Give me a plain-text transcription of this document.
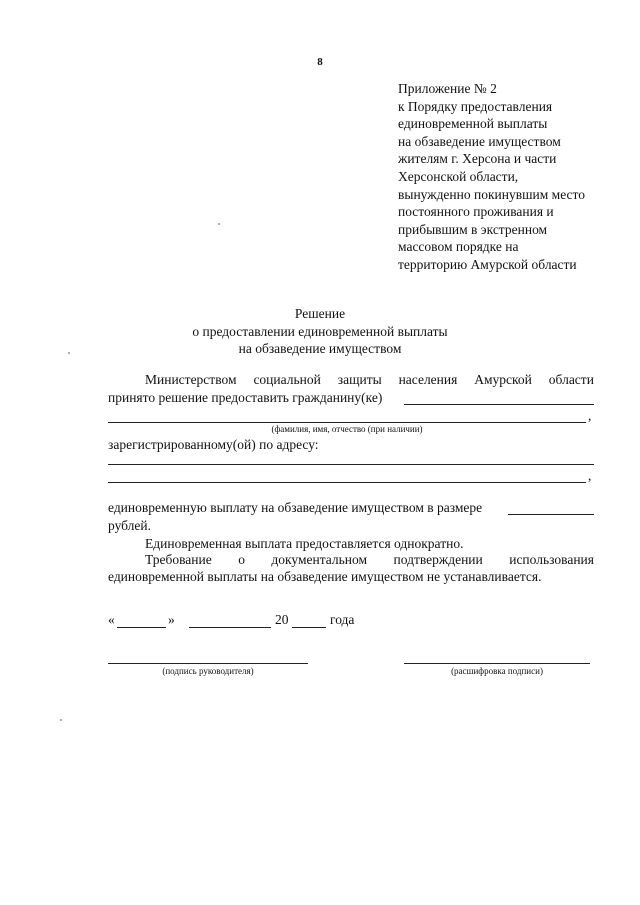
8
Приложение № 2
к Порядку предоставления
единовременной выплаты
на обзаведение имуществом
жителям г. Херсона и части
Херсонской области,
вынужденно покинувшим место
постоянного проживания и
прибывшим в экстренном
массовом порядке на
территорию Амурской области
Решение
о предоставлении единовременной выплаты
на обзаведение имуществом
Министерством социальной защиты населения Амурской области
принято решение предоставить гражданину(ке)
,
(фамилия, имя, отчество (при наличии)
зарегистрированному(ой) по адресу:
,
единовременную выплату на обзаведение имуществом в размере
рублей.
Единовременная выплата предоставляется однократно.
Требование о документальном подтверждении использования
единовременной выплаты на обзаведение имуществом не устанавливается.
«	»	20	года
(подпись руководителя)	(расшифровка подписи)
